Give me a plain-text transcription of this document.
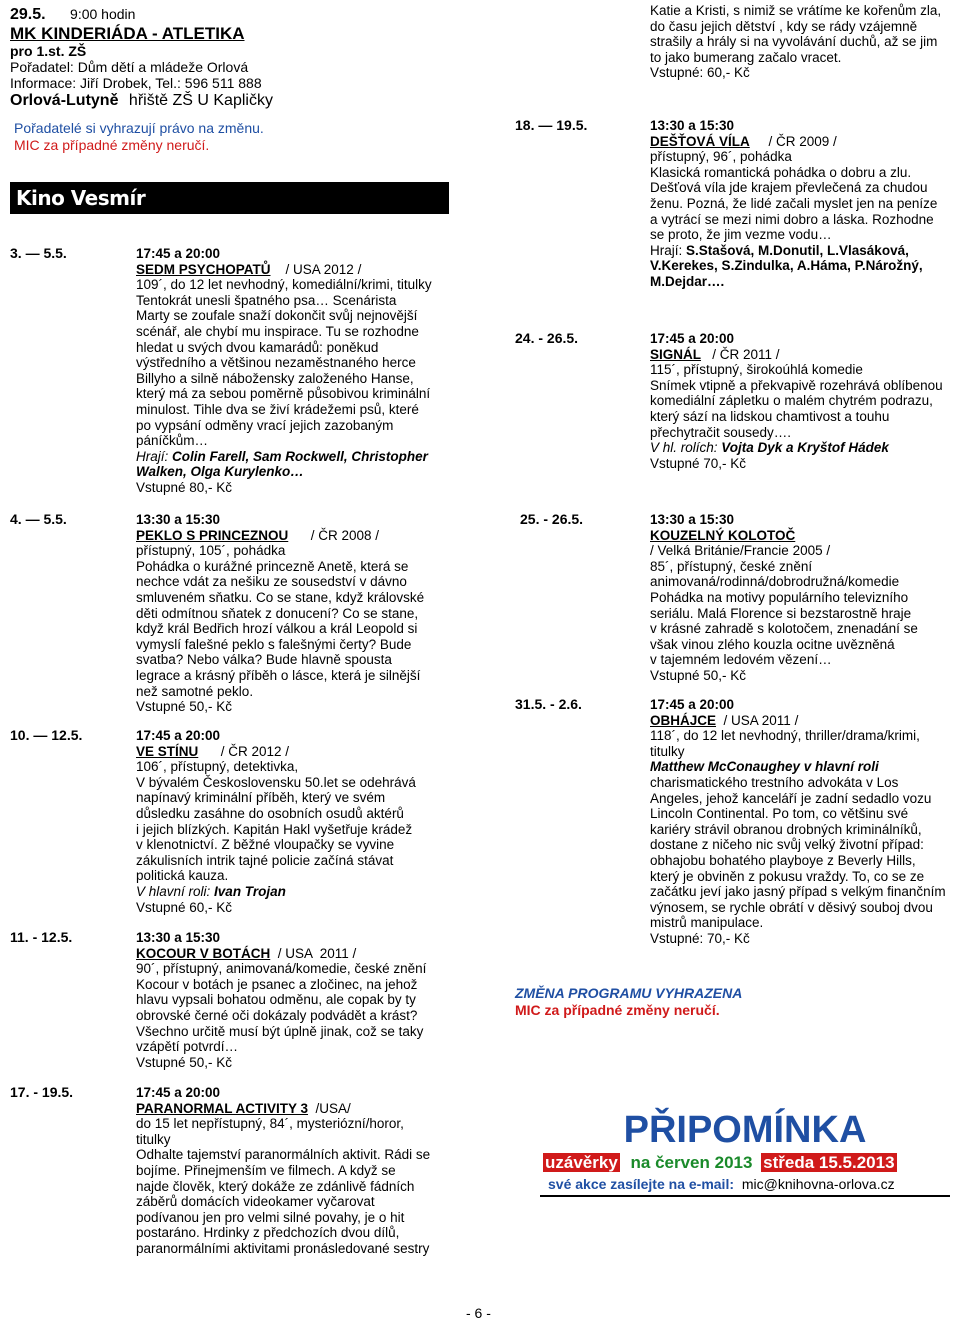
29.5. 9:00 hodin
MK KINDERIÁDA - ATLETIKA
pro 1.st. ZŠ
Pořadatel: Dům dětí a mládeže Orlová
Informace: Jiří Drobek, Tel.: 596 511 888
Orlová-Lutyně hřiště ZŠ U Kapličky
Pořadatelé si vyhrazují právo na změnu.
MIC za případné změny neručí.
Kino Vesmír
3. — 5.5.	17:45 a 20:00
SEDM PSYCHOPATŮ    / USA 2012 /
109´, do 12 let nevhodný, komediální/krimi, titulky
Tentokrát unesli špatného psa… Scenárista
Marty se zoufale snaží dokončit svůj nejnovější
scénář, ale chybí mu inspirace. Tu se rozhodne
hledat u svých dvou kamarádů: poněkud
výstředního a většinou nezaměstnaného herce
Billyho a silně nábožensky založeného Hanse,
který má za sebou poměrně působivou kriminální
minulost. Tihle dva se živí krádežemi psů, které
po vypsání odměny vrací jejich zazobaným
páníčkům…
Hrají: Colin Farell, Sam Rockwell, Christopher
Walken, Olga Kurylenko…
Vstupné 80,- Kč
4. — 5.5.	13:30 a 15:30
PEKLO S PRINCEZNOU      / ČR 2008 /
přístupný, 105´, pohádka
Pohádka o kurážné princezně Anetě, která se
nechce vdát za nešiku ze sousedství v dávno
smluveném sňatku. Co se stane, když královské
děti odmítnou sňatek z donucení? Co se stane,
když král Bedřich hrozí válkou a král Leopold si
vymyslí falešné peklo s falešnými čerty? Bude
svatba? Nebo válka? Bude hlavně spousta
legrace a krásný příběh o lásce, která je silnější
než samotné peklo.
Vstupné 50,- Kč
10. — 12.5.	17:45 a 20:00
VE STÍNU      / ČR 2012 /
106´, přístupný, detektivka,
V bývalém Československu 50.let se odehrává
napínavý kriminální příběh, který ve svém
důsledku zasáhne do osobních osudů aktérů
i jejich blízkých. Kapitán Hakl vyšetřuje krádež
v klenotnictví. Z běžné vloupačky se vyvine
zákulisních intrik tajné policie začíná stávat
politická kauza.
V hlavní roli: Ivan Trojan
Vstupné 60,- Kč
11. - 12.5.	13:30 a 15:30
KOCOUR V BOTÁCH  / USA  2011 /
90´, přístupný, animovaná/komedie, české znění
Kocour v botách je psanec a zločinec, na jehož
hlavu vypsali bohatou odměnu, ale copak by ty
obrovské černé oči dokázaly podvádět a krást?
Všechno určitě musí být úplně jinak, což se taky
vzápětí potvrdí…
Vstupné 50,- Kč
17. - 19.5.	17:45 a 20:00
PARANORMAL ACTIVITY 3  /USA/
do 15 let nepřístupný, 84´, mysteriózní/horor,
titulky
Odhalte tajemství paranormálních aktivit. Rádi se
bojíme. Přinejmenším ve filmech. A když se
najde člověk, který dokáže ze zdánlivě fádních
záběrů domácích videokamer vyčarovat
podívanou jen pro velmi silné povahy, je o hit
postaráno. Hrdinky z předchozích dvou dílů,
paranormálními aktivitami pronásledované sestry
Katie a Kristi, s nimiž se vrátíme ke kořenům zla,
do času jejich dětství , kdy se rády vzájemně
strašily a hrály si na vyvolávání duchů, až se jim
to jako bumerang začalo vracet.
Vstupné: 60,- Kč
18. — 19.5.	13:30 a 15:30
DEŠŤOVÁ VÍLA     / ČR 2009 /
přístupný, 96´, pohádka
Klasická romantická pohádka o dobru a zlu.
Dešťová víla jde krajem převlečená za chudou
ženu. Pozná, že lidé začali myslet jen na peníze
a vytrácí se mezi nimi dobro a láska. Rozhodne
se proto, že jim vezme vodu…
Hrají: S.Stašová, M.Donutil, L.Vlasáková,
V.Kerekes, S.Zindulka, A.Háma, P.Nárožný,
M.Dejdar….
24. - 26.5.	17:45 a 20:00
SIGNÁL   / ČR 2011 /
115´, přístupný, širokoúhlá komedie
Snímek vtipně a překvapivě rozehrává oblíbenou
komediální zápletku o malém chytrém podrazu,
který sází na lidskou chamtivost a touhu
přechytračit sousedy….
V hl. rolích: Vojta Dyk a Kryštof Hádek
Vstupné 70,- Kč
25. - 26.5.	13:30 a 15:30
KOUZELNÝ KOLOTOČ
/ Velká Británie/Francie 2005 /
85´, přístupný, české znění
animovaná/rodinná/dobrodružná/komedie
Pohádka na motivy populárního televizního
seriálu. Malá Florence si bezstarostně hraje
v krásné zahradě s kolotočem, znenadání se
však vinou zlého kouzla ocitne uvězněná
v tajemném ledovém vězení…
Vstupné 50,- Kč
31.5. - 2.6.	17:45 a 20:00
OBHÁJCE  / USA 2011 /
118´, do 12 let nevhodný, thriller/drama/krimi,
titulky
Matthew McConaughey v hlavní roli
charismatického trestního advokáta v Los
Angeles, jehož kanceláří je zadní sedadlo vozu
Lincoln Continental. Po tom, co většinu své
kariéry strávil obranou drobných kriminálníků,
dostane z ničeho nic svůj velký životní případ:
obhajobu bohatého playboye z Beverly Hills,
který je obviněn z pokusu vraždy. To, co se ze
začátku jeví jako jasný případ s velkým finančním
výnosem, se rychle obrátí v děsivý souboj dvou
mistrů manipulace.
Vstupné: 70,- Kč
ZMĚNA PROGRAMU VYHRAZENA
MIC za případné změny neručí.
PŘIPOMÍNKA
uzávěrky na červen 2013 středa 15.5.2013
své akce zasílejte na e-mail: mic@knihovna-orlova.cz
- 6 -
